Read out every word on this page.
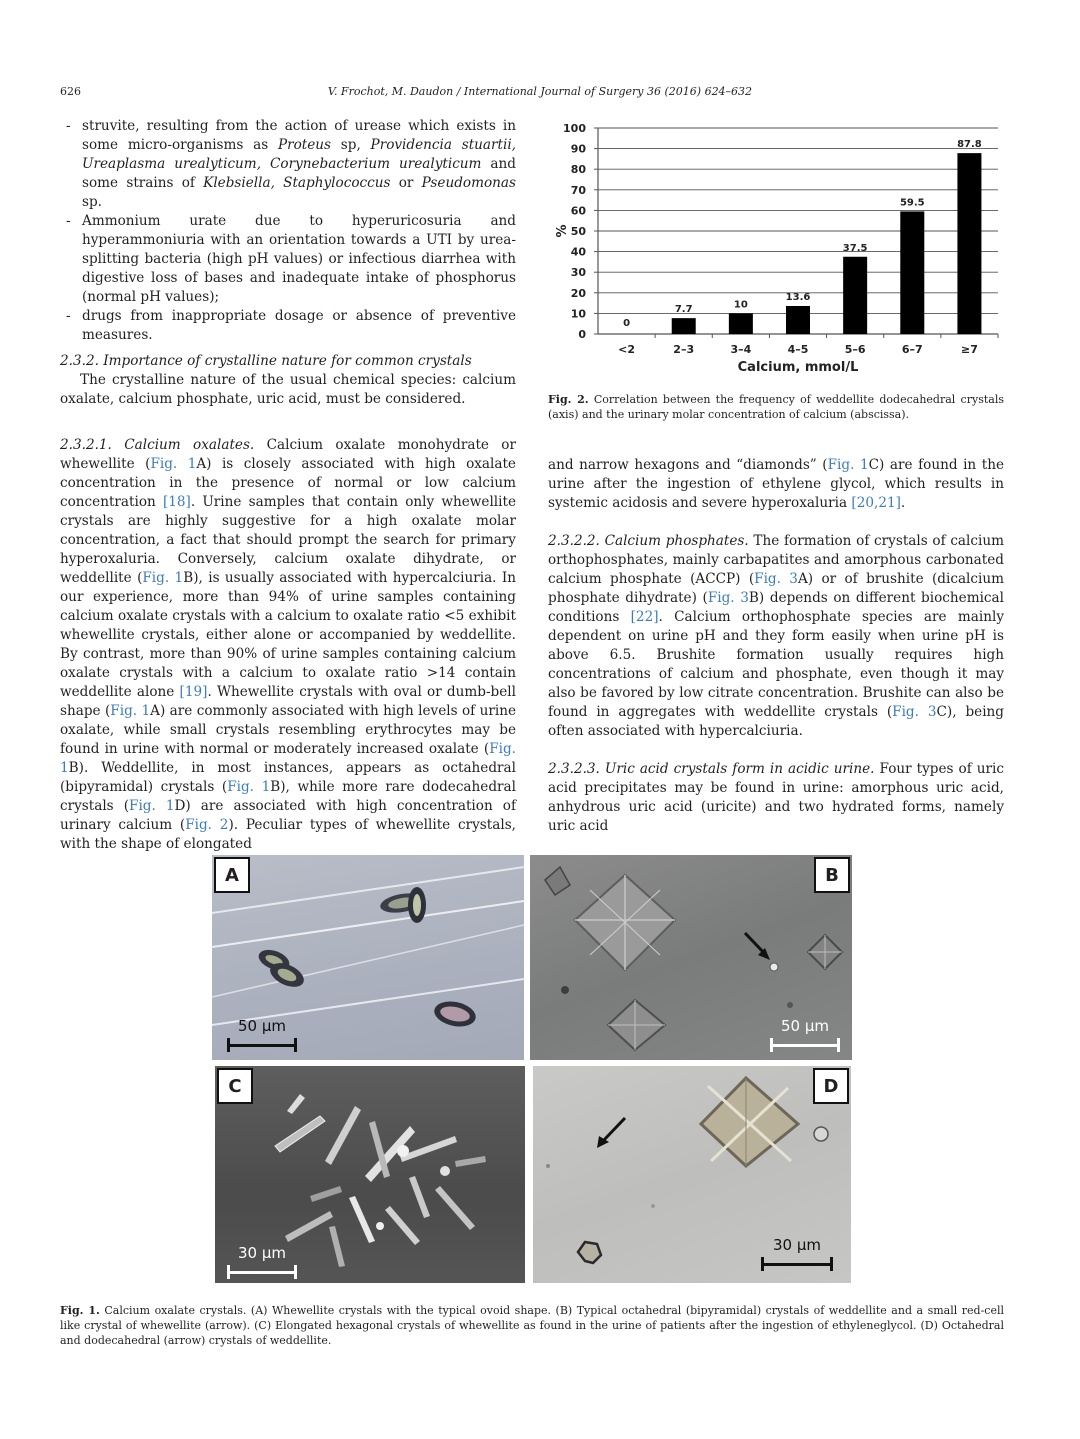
626	V. Frochot, M. Daudon / International Journal of Surgery 36 (2016) 624–632
- struvite, resulting from the action of urease which exists in some micro-organisms as Proteus sp, Providencia stuartii, Ureaplasma urealyticum, Corynebacterium urealyticum and some strains of Klebsiella, Staphylococcus or Pseudomonas sp.
- Ammonium urate due to hyperuricosuria and hyperammoniuria with an orientation towards a UTI by urea-splitting bacteria (high pH values) or infectious diarrhea with digestive loss of bases and inadequate intake of phosphorus (normal pH values);
- drugs from inappropriate dosage or absence of preventive measures.

2.3.2. Importance of crystalline nature for common crystals

The crystalline nature of the usual chemical species: calcium oxalate, calcium phosphate, uric acid, must be considered.

2.3.2.1. Calcium oxalates. Calcium oxalate monohydrate or whewellite (Fig. 1A) is closely associated with high oxalate concentration in the presence of normal or low calcium concentration [18]. Urine samples that contain only whewellite crystals are highly suggestive for a high oxalate molar concentration, a fact that should prompt the search for primary hyperoxaluria. Conversely, calcium oxalate dihydrate, or weddellite (Fig. 1B), is usually associated with hypercalciuria. In our experience, more than 94% of urine samples containing calcium oxalate crystals with a calcium to oxalate ratio <5 exhibit whewellite crystals, either alone or accompanied by weddellite. By contrast, more than 90% of urine samples containing calcium oxalate crystals with a calcium to oxalate ratio >14 contain weddellite alone [19]. Whewellite crystals with oval or dumb-bell shape (Fig. 1A) are commonly associated with high levels of urine oxalate, while small crystals resembling erythrocytes may be found in urine with normal or moderately increased oxalate (Fig. 1B). Weddellite, in most instances, appears as octahedral (bipyramidal) crystals (Fig. 1B), while more rare dodecahedral crystals (Fig. 1D) are associated with high concentration of urinary calcium (Fig. 2). Peculiar types of whewellite crystals, with the shape of elongated

0
10
20
30
40
50
60
70
80
90
100
%
0
<2
7.7
2–3
10
3–4
13.6
4–5
37.5
5–6
59.5
6–7
87.8
≥7
Calcium, mmol/L
Fig. 2. Correlation between the frequency of weddellite dodecahedral crystals (axis) and the urinary molar concentration of calcium (abscissa).

and narrow hexagons and “diamonds” (Fig. 1C) are found in the urine after the ingestion of ethylene glycol, which results in systemic acidosis and severe hyperoxaluria [20,21].

2.3.2.2. Calcium phosphates. The formation of crystals of calcium orthophosphates, mainly carbapatites and amorphous carbonated calcium phosphate (ACCP) (Fig. 3A) or of brushite (dicalcium phosphate dihydrate) (Fig. 3B) depends on different biochemical conditions [22]. Calcium orthophosphate species are mainly dependent on urine pH and they form easily when urine pH is above 6.5. Brushite formation usually requires high concentrations of calcium and phosphate, even though it may also be favored by low citrate concentration. Brushite can also be found in aggregates with weddellite crystals (Fig. 3C), being often associated with hypercalciuria.

2.3.2.3. Uric acid crystals form in acidic urine. Four types of uric acid precipitates may be found in urine: amorphous uric acid, anhydrous uric acid (uricite) and two hydrated forms, namely uric acid

A
50 μm
B
50 μm
C
30 μm
D
30 μm
Fig. 1. Calcium oxalate crystals. (A) Whewellite crystals with the typical ovoid shape. (B) Typical octahedral (bipyramidal) crystals of weddellite and a small red-cell like crystal of whewellite (arrow). (C) Elongated hexagonal crystals of whewellite as found in the urine of patients after the ingestion of ethyleneglycol. (D) Octahedral and dodecahedral (arrow) crystals of weddellite.
